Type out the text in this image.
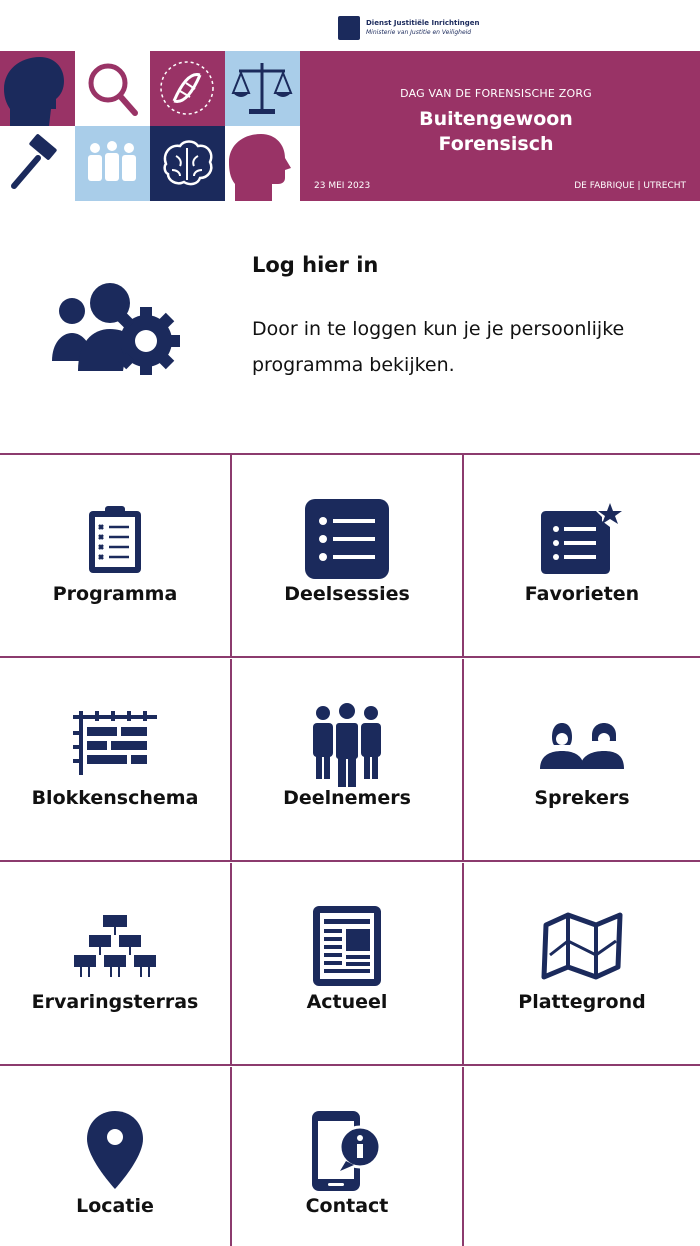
Dienst Justitiële Inrichtingen
Ministerie van Justitie en Veiligheid
DAG VAN DE FORENSISCHE ZORG
Buitengewoon
Forensisch
23 MEI 2023	DE FABRIQUE | UTRECHT
Log hier in
Door in te loggen kun je je persoonlijke programma bekijken.
Programma	Deelsessies	Favorieten
Blokkenschema	Deelnemers	Sprekers
Ervaringsterras	Actueel	Plattegrond
Locatie	Contact
